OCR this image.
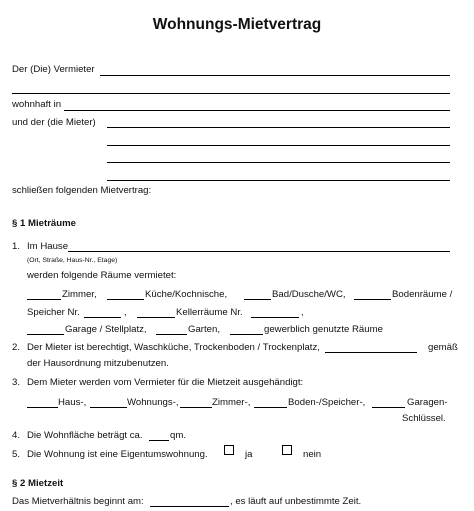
Wohnungs-Mietvertrag
Der (Die) Vermieter
wohnhaft in
und der (die Mieter)
schließen folgenden Mietvertrag:
§ 1 Mieträume
1. Im Hause
(Ort, Straße, Haus-Nr., Etage)
werden folgende Räume vermietet:
Zimmer,	Küche/Kochnische,	Bad/Dusche/WC,	Bodenräume /
Speicher Nr.	,	Kellerräume Nr.	,
Garage / Stellplatz,	Garten,	gewerblich genutzte Räume
2. Der Mieter ist berechtigt, Waschküche, Trockenboden / Trockenplatz,	gemäß
der Hausordnung mitzubenutzen.
3. Dem Mieter werden vom Vermieter für die Mietzeit ausgehändigt:
Haus-,	Wohnungs-,	Zimmer-,	Boden-/Speicher-,	Garagen-
Schlüssel.
4. Die Wohnfläche beträgt ca.	qm.
5. Die Wohnung ist eine Eigentumswohnung.	ja	nein
§ 2 Mietzeit
Das Mietverhältnis beginnt am:	, es läuft auf unbestimmte Zeit.
